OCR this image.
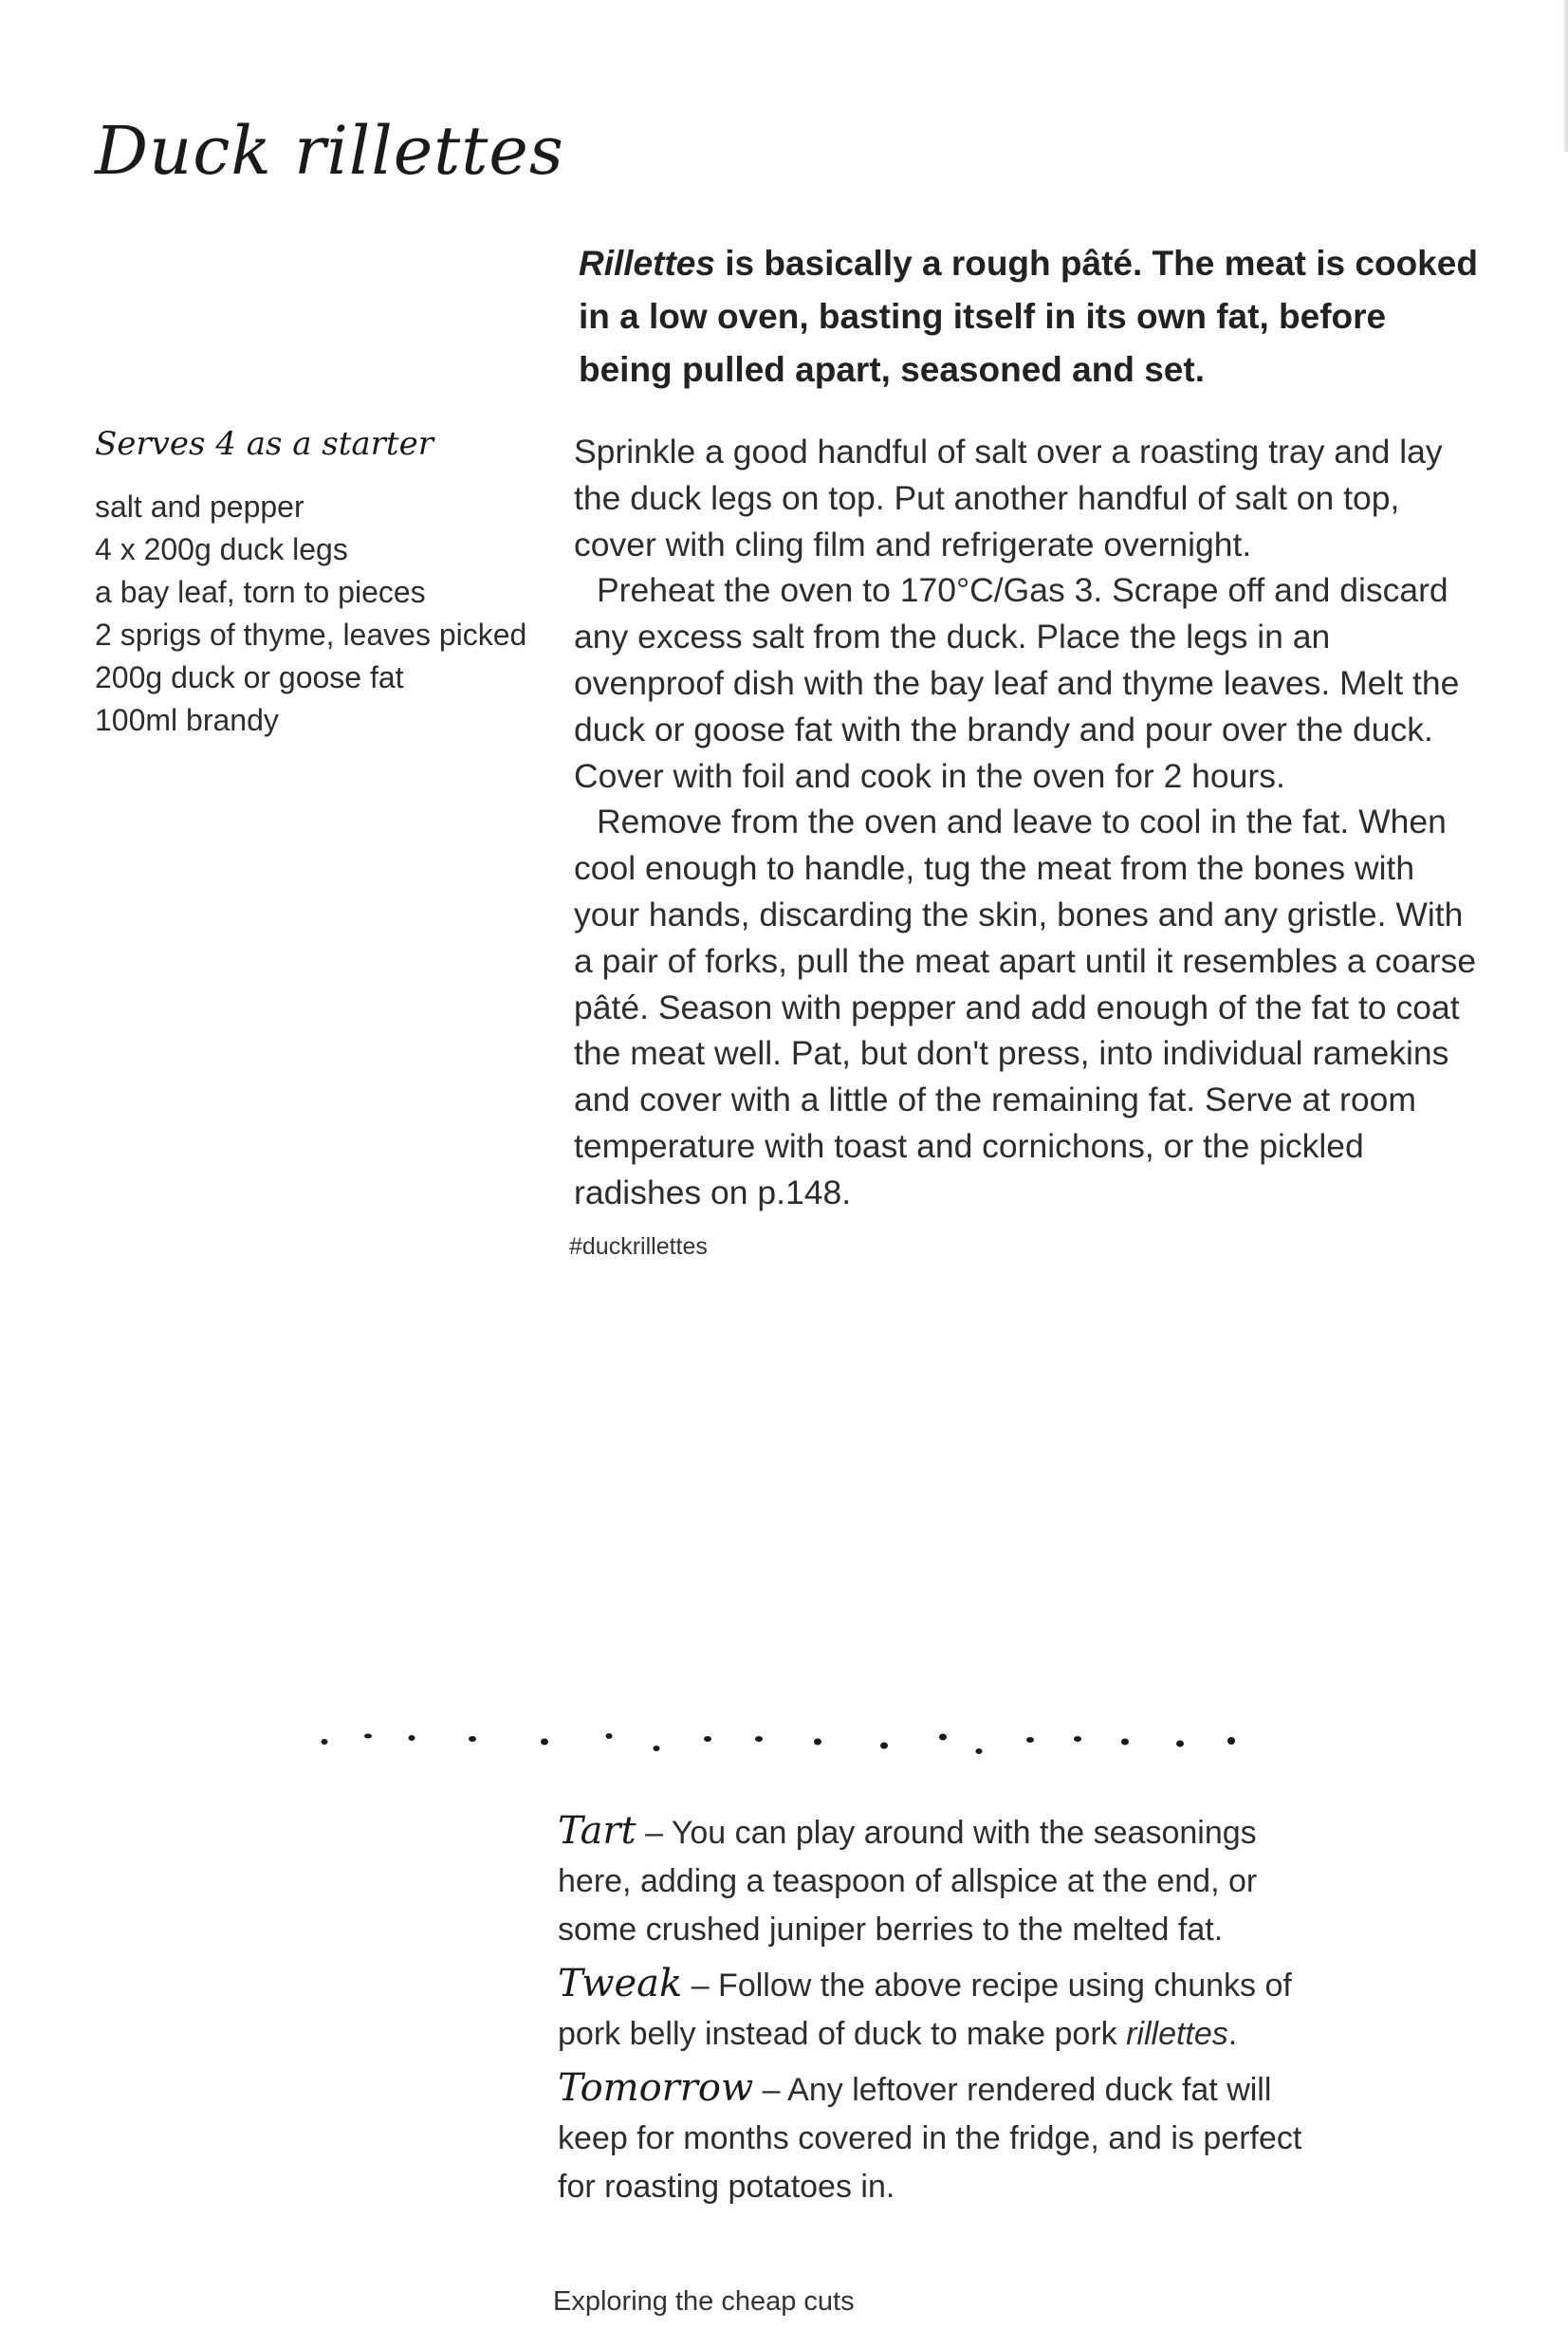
Duck rillettes

Rillettes is basically a rough pâté. The meat is cooked in a low oven, basting itself in its own fat, before being pulled apart, seasoned and set.

Serves 4 as a starter

salt and pepper
4 x 200g duck legs
a bay leaf, torn to pieces
2 sprigs of thyme, leaves picked
200g duck or goose fat
100ml brandy

Sprinkle a good handful of salt over a roasting tray and lay the duck legs on top. Put another handful of salt on top, cover with cling film and refrigerate overnight.

Preheat the oven to 170°C/Gas 3. Scrape off and discard any excess salt from the duck. Place the legs in an ovenproof dish with the bay leaf and thyme leaves. Melt the duck or goose fat with the brandy and pour over the duck. Cover with foil and cook in the oven for 2 hours.

Remove from the oven and leave to cool in the fat. When cool enough to handle, tug the meat from the bones with your hands, discarding the skin, bones and any gristle. With a pair of forks, pull the meat apart until it resembles a coarse pâté. Season with pepper and add enough of the fat to coat the meat well. Pat, but don't press, into individual ramekins and cover with a little of the remaining fat. Serve at room temperature with toast and cornichons, or the pickled radishes on p.148.

#duckrillettes

Tart – You can play around with the seasonings here, adding a teaspoon of allspice at the end, or some crushed juniper berries to the melted fat.

Tweak – Follow the above recipe using chunks of pork belly instead of duck to make pork rillettes.

Tomorrow – Any leftover rendered duck fat will keep for months covered in the fridge, and is perfect for roasting potatoes in.

Exploring the cheap cuts
